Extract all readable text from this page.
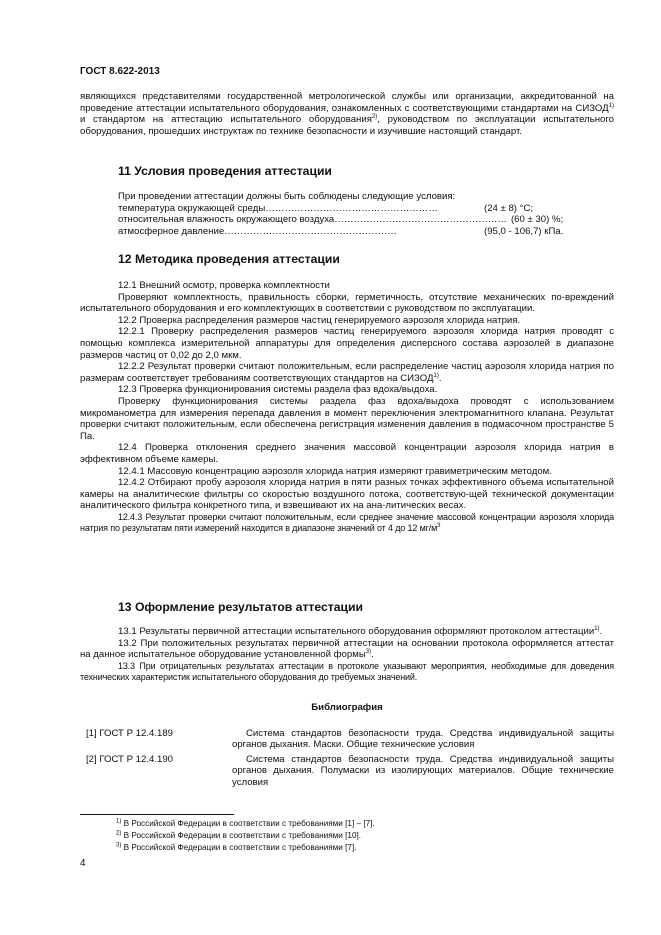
ГОСТ 8.622-2013

являющихся представителями государственной метрологической службы или организации, аккредитованной на проведение аттестации испытательного оборудования, ознакомленных с соответствующими стандартами на СИЗОД$^{1)}$ и стандартом на аттестацию испытательного оборудования$^{2)}$, руководством по эксплуатации испытательного оборудования, прошедших инструктаж по технике безопасности и изучившие настоящий стандарт.

11 Условия проведения аттестации

При проведении аттестации должны быть соблюдены следующие условия:

температура окружающей среды ………………………………………………	(24 ± 8) °С;
относительная влажность окружающего воздуха ……………………………………………… (60 ± 30) %;
атмосферное давление ………………………………………………	(95,0 - 106,7) кПа.
12 Методика проведения аттестации

12.1 Внешний осмотр, проверка комплектности

Проверяют комплектность, правильность сборки, герметичность, отсутствие механических по-вреждений испытательного оборудования и его комплектующих в соответствии с руководством по эксплуатации.

12.2 Проверка распределения размеров частиц генерируемого аэрозоля хлорида натрия.

12.2.1 Проверку распределения размеров частиц генерируемого аэрозоля хлорида натрия проводят с помощью комплекса измерительной аппаратуры для определения дисперсного состава аэрозолей в диапазоне размеров частиц от 0,02 до 2,0 мкм.

12.2.2 Результат проверки считают положительным, если распределение частиц аэрозоля хлорида натрия по размерам соответствует требованиям соответствующих стандартов на СИЗОД$^{1)}$.

12.3 Проверка функционирования системы раздела фаз вдоха/выдоха.

Проверку функционирования системы раздела фаз вдоха/выдоха проводят с использованием микроманометра для измерения перепада давления в момент переключения электромагнитного клапана. Результат проверки считают положительным, если обеспечена регистрация изменения давления в подмасочном пространстве 5 Па.

12.4 Проверка отклонения среднего значения массовой концентрации аэрозоля хлорида натрия в эффективном объеме камеры.

12.4.1 Массовую концентрацию аэрозоля хлорида натрия измеряют гравиметрическим методом.

12.4.2 Отбирают пробу аэрозоля хлорида натрия в пяти разных точках эффективного объема испытательной камеры на аналитические фильтры со скоростью воздушного потока, соответствую-щей технической документации аналитического фильтра конкретного типа, и взвешивают их на ана-литических весах.

12.4.3 Результат проверки считают положительным, если среднее значение массовой концентрации аэрозоля хлорида натрия по результатам пяти измерений находится в диапазоне значений от 4 до 12 $мг/м^3$

13 Оформление результатов аттестации

13.1 Результаты первичной аттестации испытательного оборудования оформляют протоколом аттестации$^{1)}$.

13.2 При положительных результатах первичной аттестации на основании протокола оформляется аттестат на данное испытательное оборудование установленной формы$^{3)}$.

13.3 При отрицательных результатах аттестации в протоколе указывают мероприятия, необходимые для доведения технических характеристик испытательного оборудования до требуемых значений.

Библиография
[1] ГОСТ Р 12.4.189	Система стандартов безопасности труда. Средства индивидуальной защиты органов дыхания. Маски. Общие технические условия
[2] ГОСТ Р 12.4.190	Система стандартов безопасности труда. Средства индивидуальной защиты органов дыхания. Полумаски из изолирующих материалов. Общие технические условия
$^{1)}$ В Российской Федерации в соответствии с требованиями [1] – [7].
$^{2)}$ В Российской Федерации в соответствии с требованиями [10].
$^{3)}$ В Российской Федерации в соответствии с требованиями [7].
4
